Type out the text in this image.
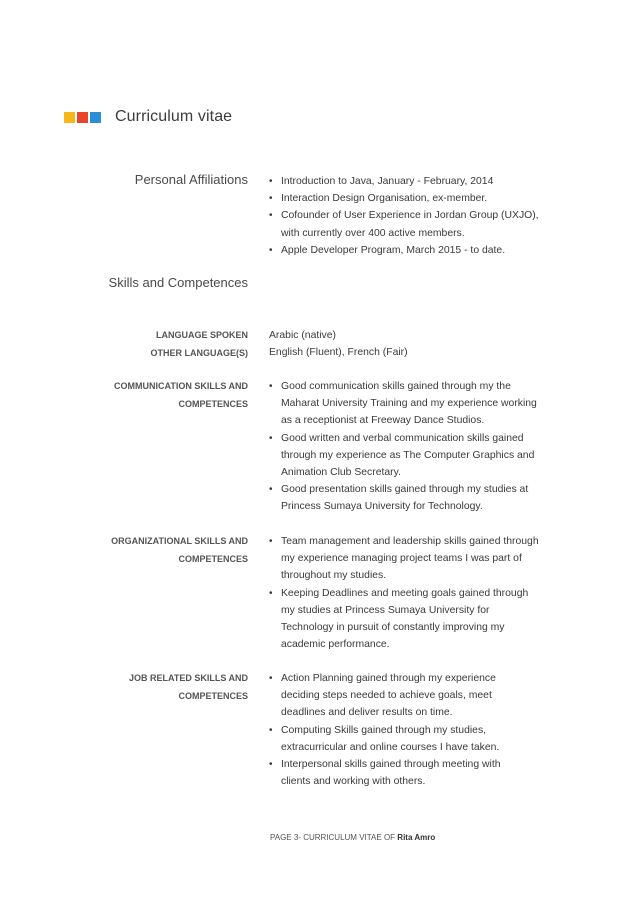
Curriculum vitae
Personal Affiliations • Introduction to Java, January - February, 2014
• Interaction Design Organisation, ex-member.
• Cofounder of User Experience in Jordan Group (UXJO), with currently over 400 active members.
• Apple Developer Program, March 2015 - to date.
Skills and Competences
LANGUAGE SPOKEN
OTHER LANGUAGE(S)
Arabic (native)
English (Fluent), French (Fair)
COMMUNICATION SKILLS AND
COMPETENCES
• Good communication skills gained through my the Maharat University Training and my experience working as a receptionist at Freeway Dance Studios.
• Good written and verbal communication skills gained through my experience as The Computer Graphics and Animation Club Secretary.
• Good presentation skills gained through my studies at Princess Sumaya University for Technology.
ORGANIZATIONAL SKILLS AND
COMPETENCES
• Team management and leadership skills gained through my experience managing project teams I was part of throughout my studies.
• Keeping Deadlines and meeting goals gained through my studies at Princess Sumaya University for Technology in pursuit of constantly improving my academic performance.
JOB RELATED SKILLS AND
COMPETENCES
• Action Planning gained through my experience deciding steps needed to achieve goals, meet deadlines and deliver results on time.
• Computing Skills gained through my studies, extracurricular and online courses I have taken.
• Interpersonal skills gained through meeting with clients and working with others.
PAGE 3- CURRICULUM VITAE OF Rita Amro
